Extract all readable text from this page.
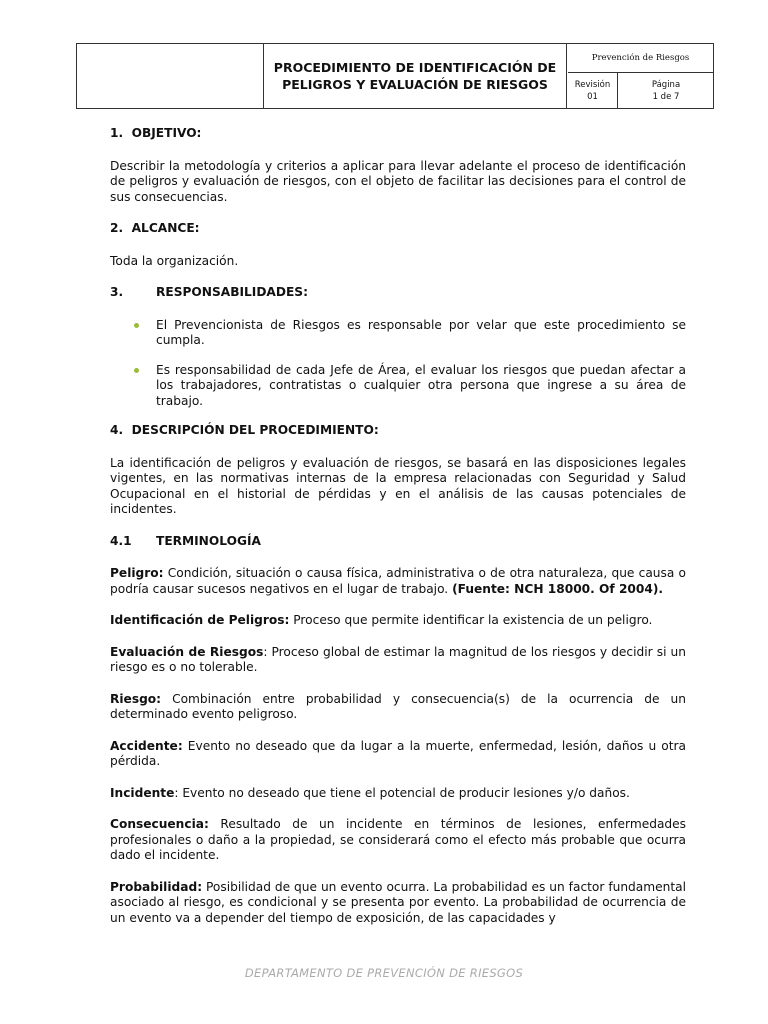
PROCEDIMIENTO DE IDENTIFICACIÓN DE
PELIGROS Y EVALUACIÓN DE RIESGOS
Prevención de Riesgos
Revisión
01
Página
1 de 7
1. OBJETIVO:

Describir la metodología y criterios a aplicar para llevar adelante el proceso de identificación de peligros y evaluación de riesgos, con el objeto de facilitar las decisiones para el control de sus consecuencias.

2. ALCANCE:

Toda la organización.

3.	RESPONSABILIDADES:
El Prevencionista de Riesgos es responsable por velar que este procedimiento se cumpla.
Es responsabilidad de cada Jefe de Área, el evaluar los riesgos que puedan afectar a los trabajadores, contratistas o cualquier otra persona que ingrese a su área de trabajo.
4. DESCRIPCIÓN DEL PROCEDIMIENTO:

La identificación de peligros y evaluación de riesgos, se basará en las disposiciones legales vigentes, en las normativas internas de la empresa relacionadas con Seguridad y Salud Ocupacional en el historial de pérdidas y en el análisis de las causas potenciales de incidentes.

4.1 TERMINOLOGÍA

Peligro: Condición, situación o causa física, administrativa o de otra naturaleza, que causa o podría causar sucesos negativos en el lugar de trabajo. (Fuente: NCH 18000. Of 2004).

Identificación de Peligros: Proceso que permite identificar la existencia de un peligro.

Evaluación de Riesgos: Proceso global de estimar la magnitud de los riesgos y decidir si un riesgo es o no tolerable.

Riesgo: Combinación entre probabilidad y consecuencia(s) de la ocurrencia de un determinado evento peligroso.

Accidente: Evento no deseado que da lugar a la muerte, enfermedad, lesión, daños u otra pérdida.

Incidente: Evento no deseado que tiene el potencial de producir lesiones y/o daños.

Consecuencia: Resultado de un incidente en términos de lesiones, enfermedades profesionales o daño a la propiedad, se considerará como el efecto más probable que ocurra dado el incidente.

Probabilidad: Posibilidad de que un evento ocurra. La probabilidad es un factor fundamental asociado al riesgo, es condicional y se presenta por evento. La probabilidad de ocurrencia de un evento va a depender del tiempo de exposición, de las capacidades y

DEPARTAMENTO DE PREVENCIÓN DE RIESGOS
